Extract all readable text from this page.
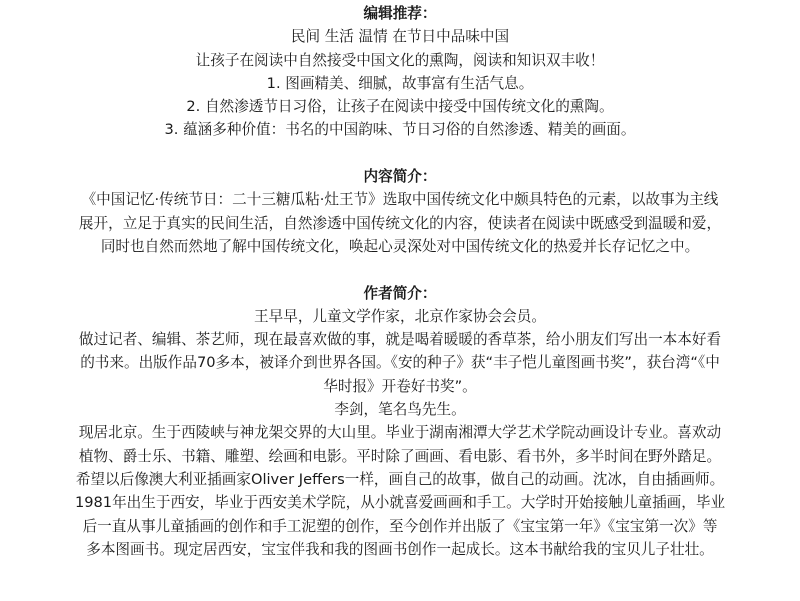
编辑推荐：
民间 生活 温情 在节日中品味中国
让孩子在阅读中自然接受中国文化的熏陶，阅读和知识双丰收！
1. 图画精美、细腻，故事富有生活气息。
2. 自然渗透节日习俗，让孩子在阅读中接受中国传统文化的熏陶。
3. 蕴涵多种价值：书名的中国韵味、节日习俗的自然渗透、精美的画面。
内容简介：
《中国记忆·传统节日：二十三糖瓜粘·灶王节》选取中国传统文化中颇具特色的元素，以故事为主线
展开，立足于真实的民间生活，自然渗透中国传统文化的内容，使读者在阅读中既感受到温暖和爱，
同时也自然而然地了解中国传统文化，唤起心灵深处对中国传统文化的热爱并长存记忆之中。
作者简介：
王早早，儿童文学作家，北京作家协会会员。
做过记者、编辑、茶艺师，现在最喜欢做的事，就是喝着暖暖的香草茶，给小朋友们写出一本本好看
的书来。出版作品70多本，被译介到世界各国。《安的种子》获“丰子恺儿童图画书奖”，获台湾“《中
华时报》开卷好书奖”。
李剑，笔名鸟先生。
现居北京。生于西陵峡与神龙架交界的大山里。毕业于湖南湘潭大学艺术学院动画设计专业。喜欢动
植物、爵士乐、书籍、雕塑、绘画和电影。平时除了画画、看电影、看书外，多半时间在野外踏足。
希望以后像澳大利亚插画家Oliver Jeffers一样，画自己的故事，做自己的动画。沈冰，自由插画师。
1981年出生于西安，毕业于西安美术学院，从小就喜爱画画和手工。大学时开始接触儿童插画，毕业
后一直从事儿童插画的创作和手工泥塑的创作，至今创作并出版了《宝宝第一年》《宝宝第一次》等
多本图画书。现定居西安，宝宝伴我和我的图画书创作一起成长。这本书献给我的宝贝儿子壮壮。
